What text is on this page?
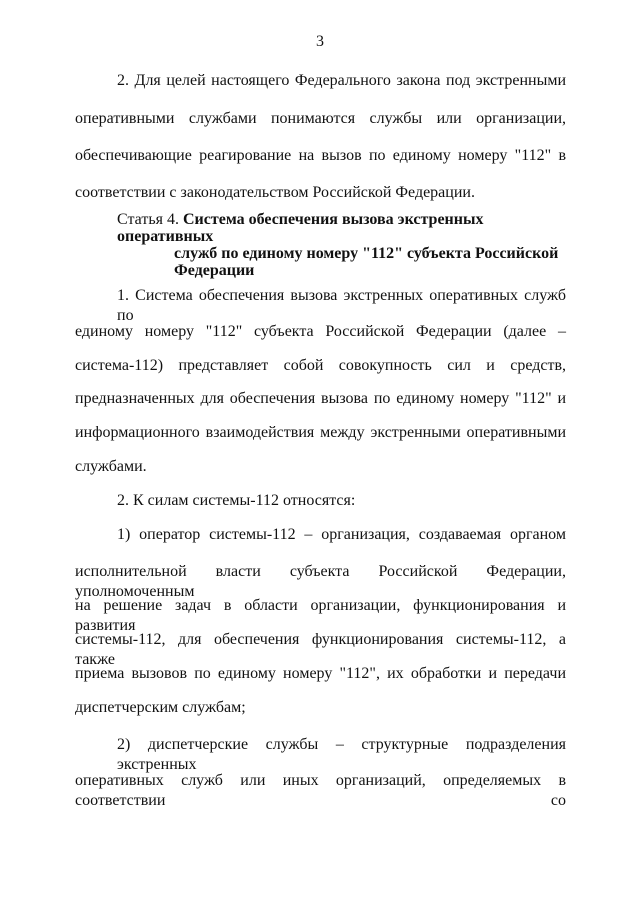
3
2. Для целей настоящего Федерального закона под экстренными
оперативными службами понимаются службы или организации,
обеспечивающие реагирование на вызов по единому номеру "112" в
соответствии с законодательством Российской Федерации.
Статья 4. Система обеспечения вызова экстренных оперативных
служб по единому номеру "112" субъекта Российской
Федерации
1. Система обеспечения вызова экстренных оперативных служб по
единому номеру "112" субъекта Российской Федерации (далее –
система-112) представляет собой совокупность сил и средств,
предназначенных для обеспечения вызова по единому номеру "112" и
информационного взаимодействия между экстренными оперативными
службами.
2. К силам системы-112 относятся:
1) оператор системы-112 – организация, создаваемая органом
исполнительной власти субъекта Российской Федерации, уполномоченным
на решение задач в области организации, функционирования и развития
системы-112, для обеспечения функционирования системы-112, а также
приема вызовов по единому номеру "112", их обработки и передачи
диспетчерским службам;
2) диспетчерские службы – структурные подразделения экстренных
оперативных служб или иных организаций, определяемых в соответствии со
